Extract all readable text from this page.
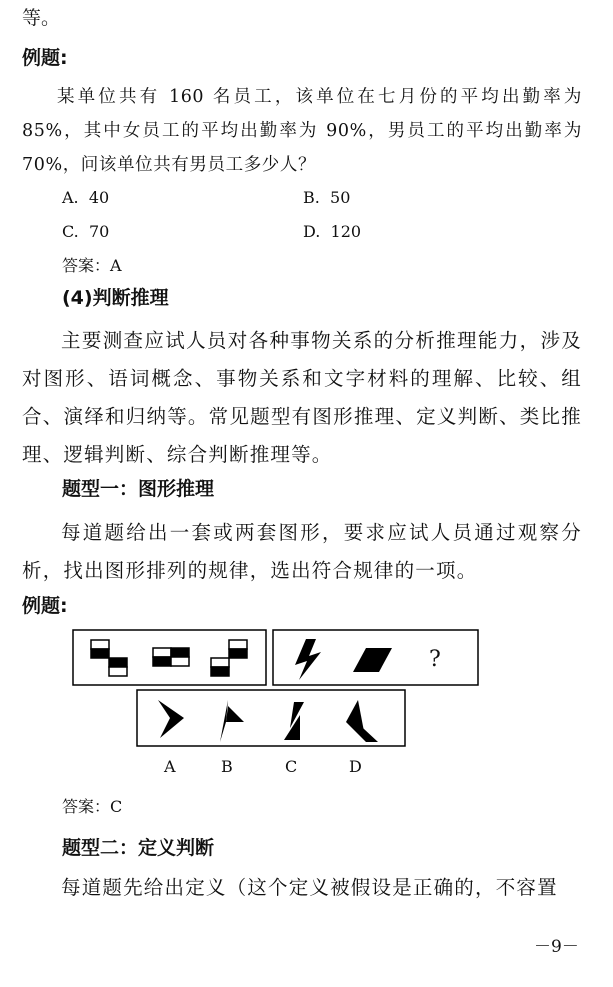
等。
例题:
某单位共有 160 名员工，该单位在七月份的平均出勤率为 85%，其中女员工的平均出勤率为 90%，男员工的平均出勤率为 70%，问该单位共有男员工多少人？
A. 40	B. 50
C. 70	D. 120
答案：A
(4)判断推理
主要测查应试人员对各种事物关系的分析推理能力，涉及对图形、语词概念、事物关系和文字材料的理解、比较、组合、演绎和归纳等。常见题型有图形推理、定义判断、类比推理、逻辑判断、综合判断推理等。
题型一：图形推理
每道题给出一套或两套图形，要求应试人员通过观察分析，找出图形排列的规律，选出符合规律的一项。
例题:
A	B	C	D
?
答案：C
题型二：定义判断
每道题先给出定义（这个定义被假设是正确的，不容置
－9－
